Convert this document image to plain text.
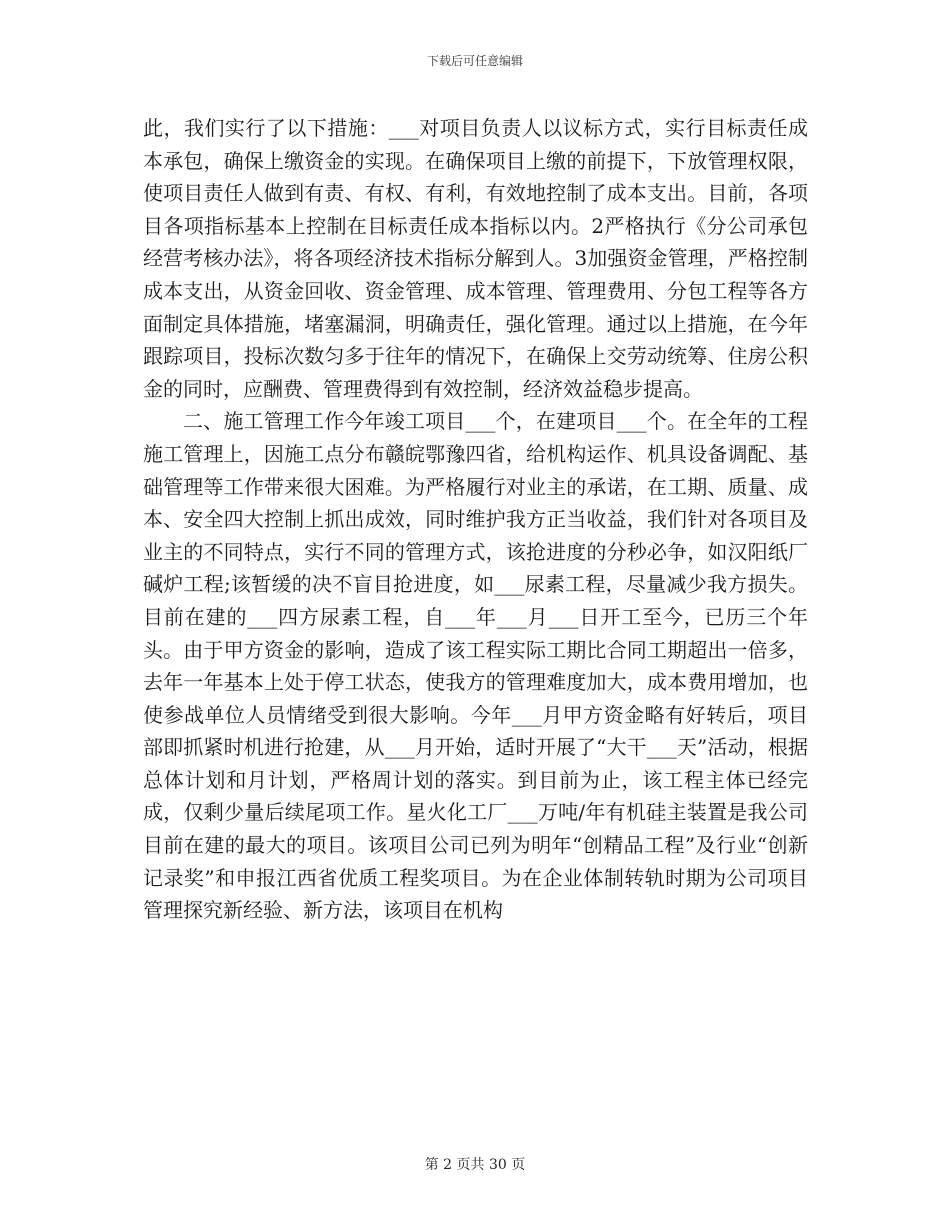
下载后可任意编辑

此，我们实行了以下措施：___对项目负责人以议标方式，实行目标责任成本承包，确保上缴资金的实现。在确保项目上缴的前提下，下放管理权限，使项目责任人做到有责、有权、有利，有效地控制了成本支出。目前，各项目各项指标基本上控制在目标责任成本指标以内。2严格执行《分公司承包经营考核办法》，将各项经济技术指标分解到人。3加强资金管理，严格控制成本支出，从资金回收、资金管理、成本管理、管理费用、分包工程等各方面制定具体措施，堵塞漏洞，明确责任，强化管理。通过以上措施，在今年跟踪项目，投标次数匀多于往年的情况下，在确保上交劳动统筹、住房公积金的同时，应酬费、管理费得到有效控制，经济效益稳步提高。

二、施工管理工作今年竣工项目___个，在建项目___个。在全年的工程施工管理上，因施工点分布赣皖鄂豫四省，给机构运作、机具设备调配、基础管理等工作带来很大困难。为严格履行对业主的承诺，在工期、质量、成本、安全四大控制上抓出成效，同时维护我方正当收益，我们针对各项目及业主的不同特点，实行不同的管理方式，该抢进度的分秒必争，如汉阳纸厂碱炉工程;该暂缓的决不盲目抢进度，如___尿素工程，尽量减少我方损失。目前在建的___四方尿素工程，自___年___月___日开工至今，已历三个年头。由于甲方资金的影响，造成了该工程实际工期比合同工期超出一倍多，去年一年基本上处于停工状态，使我方的管理难度加大，成本费用增加，也使参战单位人员情绪受到很大影响。今年___月甲方资金略有好转后，项目部即抓紧时机进行抢建，从___月开始，适时开展了“大干___天”活动，根据总体计划和月计划，严格周计划的落实。到目前为止，该工程主体已经完成，仅剩少量后续尾项工作。星火化工厂___万吨/年有机硅主装置是我公司目前在建的最大的项目。该项目公司已列为明年“创精品工程”及行业“创新记录奖”和申报江西省优质工程奖项目。为在企业体制转轨时期为公司项目管理探究新经验、新方法，该项目在机构

第 2 页共 30 页
